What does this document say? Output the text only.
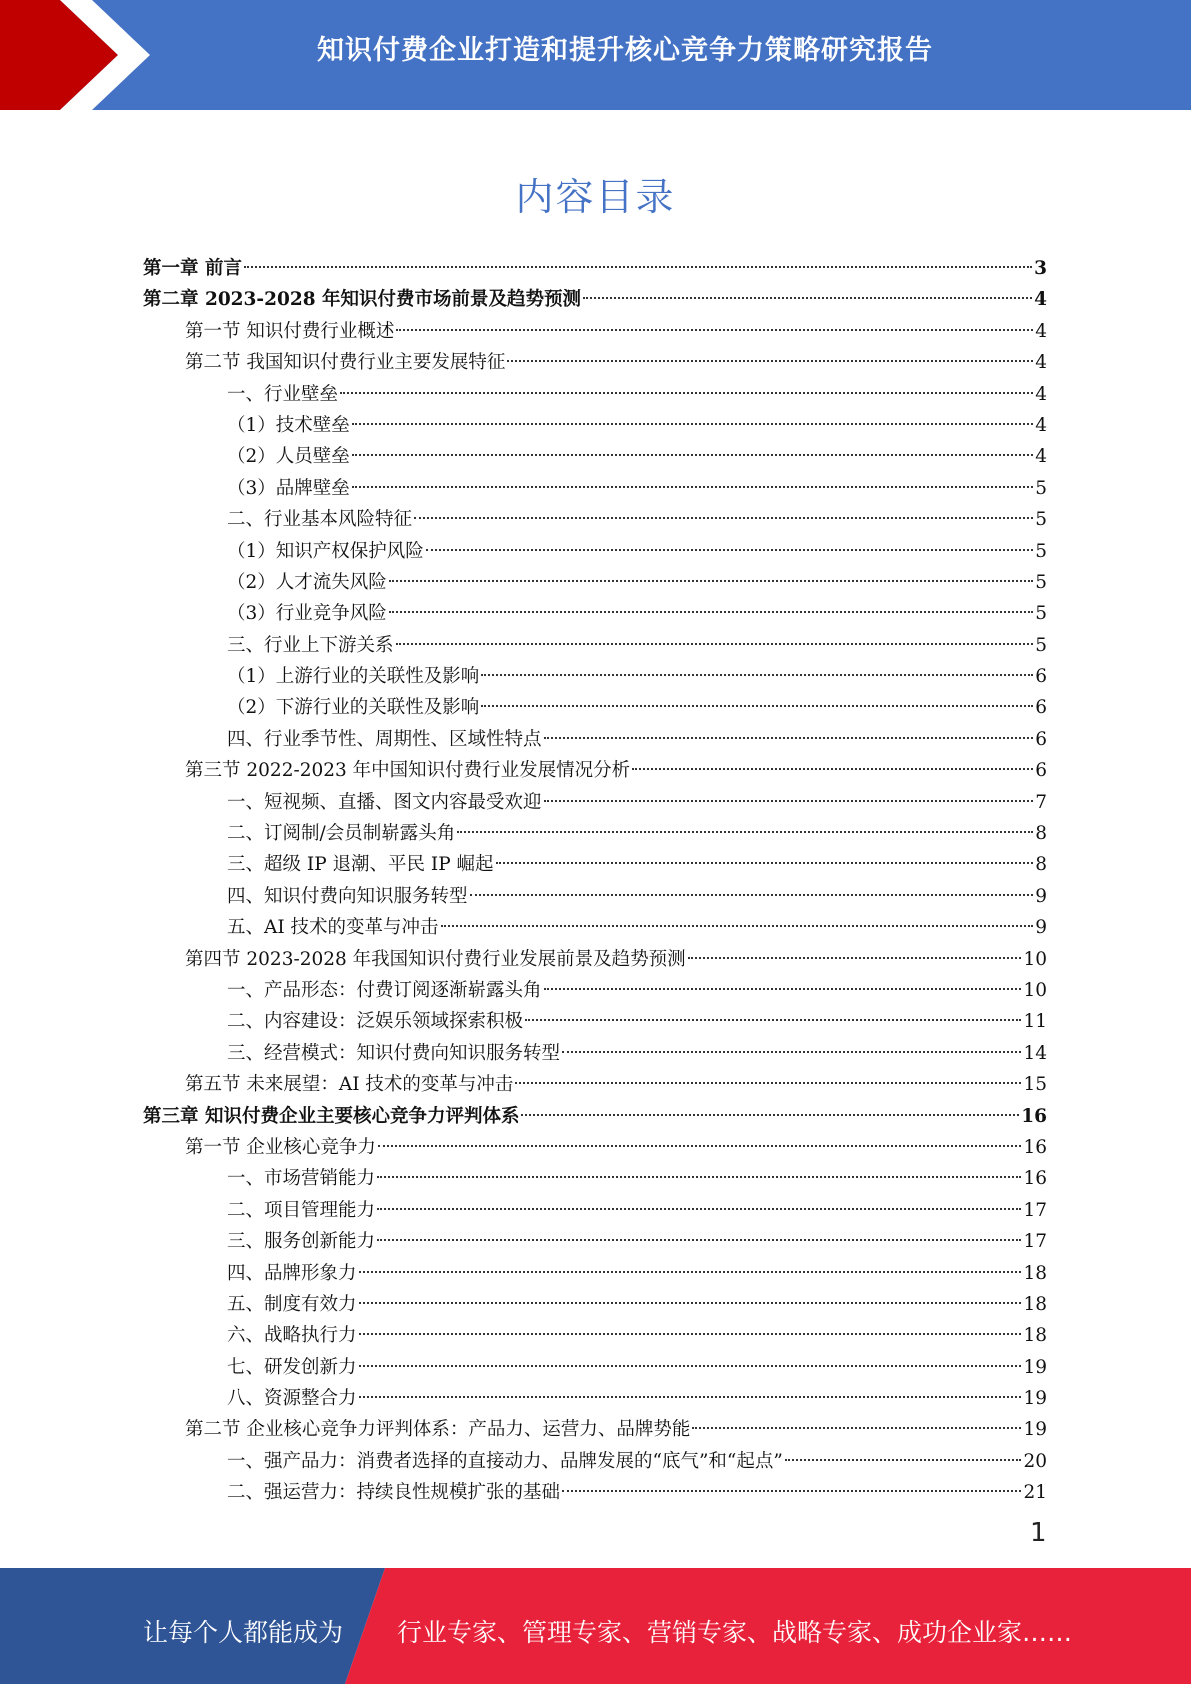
知识付费企业打造和提升核心竞争力策略研究报告
内容目录
第一章 前言	3
第二章 2023-2028 年知识付费市场前景及趋势预测	4
第一节 知识付费行业概述	4
第二节 我国知识付费行业主要发展特征	4
一、行业壁垒	4
（1）技术壁垒	4
（2）人员壁垒	4
（3）品牌壁垒	5
二、行业基本风险特征	5
（1）知识产权保护风险	5
（2）人才流失风险	5
（3）行业竞争风险	5
三、行业上下游关系	5
（1）上游行业的关联性及影响	6
（2）下游行业的关联性及影响	6
四、行业季节性、周期性、区域性特点	6
第三节 2022-2023 年中国知识付费行业发展情况分析	6
一、短视频、直播、图文内容最受欢迎	7
二、订阅制/会员制崭露头角	8
三、超级 IP 退潮、平民 IP 崛起	8
四、知识付费向知识服务转型	9
五、AI 技术的变革与冲击	9
第四节 2023-2028 年我国知识付费行业发展前景及趋势预测	10
一、产品形态：付费订阅逐渐崭露头角	10
二、内容建设：泛娱乐领域探索积极	11
三、经营模式：知识付费向知识服务转型	14
第五节 未来展望：AI 技术的变革与冲击	15
第三章 知识付费企业主要核心竞争力评判体系	16
第一节 企业核心竞争力	16
一、市场营销能力	16
二、项目管理能力	17
三、服务创新能力	17
四、品牌形象力	18
五、制度有效力	18
六、战略执行力	18
七、研发创新力	19
八、资源整合力	19
第二节 企业核心竞争力评判体系：产品力、运营力、品牌势能	19
一、强产品力：消费者选择的直接动力、品牌发展的“底气”和“起点”	20
二、强运营力：持续良性规模扩张的基础	21
1
让每个人都能成为 行业专家、管理专家、营销专家、战略专家、成功企业家……
